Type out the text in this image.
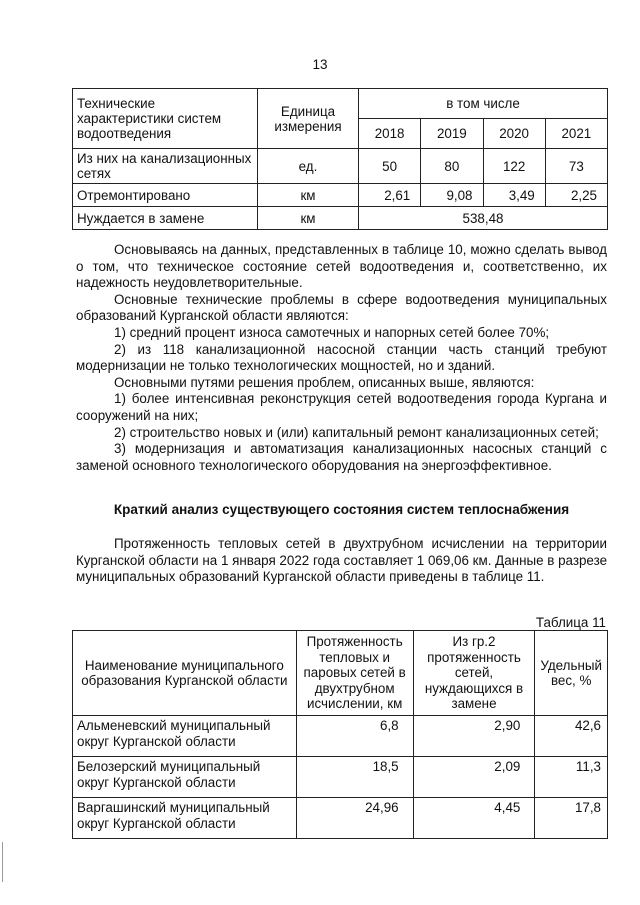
13
Технические характеристики систем водоотведения	Единица измерения	в том числе			
		2018	2019	2020	2021
Из них на канализационных сетях	ед.	50	80	122	73
Отремонтировано	км	2,61	9,08	3,49	2,25
Нуждается в замене	км	538,48			

Основываясь на данных, представленных в таблице 10, можно сделать вывод о том, что техническое состояние сетей водоотведения и, соответственно, их надежность неудовлетворительные.

Основные технические проблемы в сфере водоотведения муниципальных образований Курганской области являются:

1) средний процент износа самотечных и напорных сетей более 70%;

2) из 118 канализационной насосной станции часть станций требуют модернизации не только технологических мощностей, но и зданий.

Основными путями решения проблем, описанных выше, являются:

1) более интенсивная реконструкция сетей водоотведения города Кургана и сооружений на них;

2) строительство новых и (или) капитальный ремонт канализационных сетей;

3) модернизация и автоматизация канализационных насосных станций с заменой основного технологического оборудования на энергоэффективное.

Краткий анализ существующего состояния систем теплоснабжения

Протяженность тепловых сетей в двухтрубном исчислении на территории Курганской области на 1 января 2022 года составляет 1 069,06 км. Данные в разрезе муниципальных образований Курганской области приведены в таблице 11.

Таблица 11
Наименование муниципального образования Курганской области	Протяженность тепловых и паровых сетей в двухтрубном исчислении, км	Из гр.2 протяженность сетей, нуждающихся в замене	Удельный вес, %
Альменевский муниципальный округ Курганской области	6,8	2,90	42,6
Белозерский муниципальный округ Курганской области	18,5	2,09	11,3
Варгашинский муниципальный округ Курганской области	24,96	4,45	17,8
